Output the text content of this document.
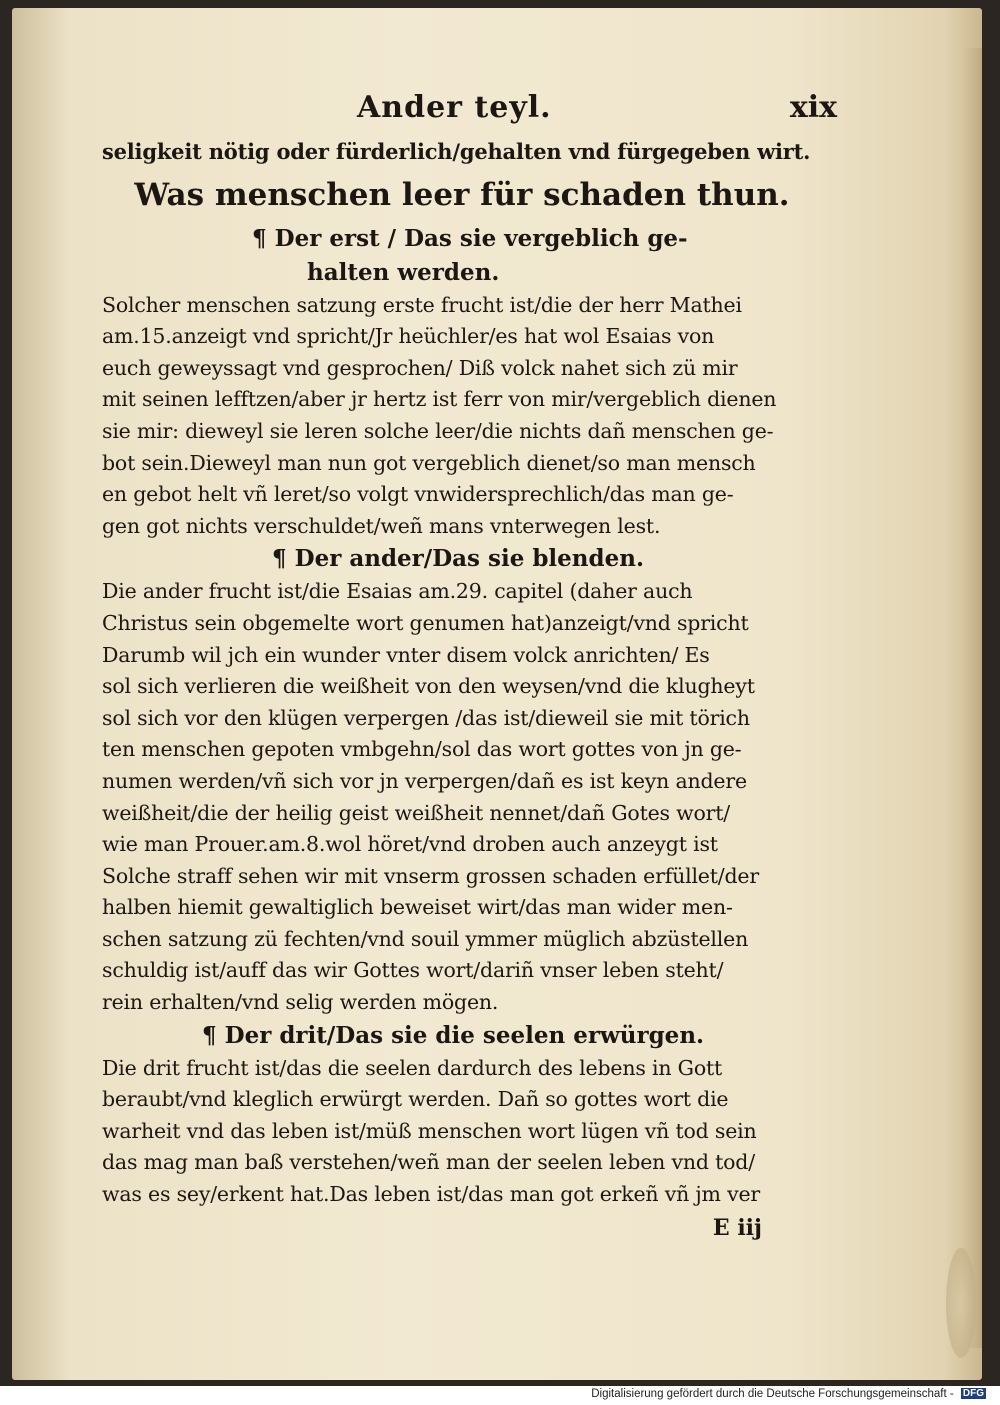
Ander teyl.	xix
seligkeit nötig oder fürderlich/gehalten vnd fürgegeben wirt.
Was menschen leer für schaden thun.
¶ Der erst / Das sie vergeblich ge-
halten werden.
Solcher menschen satzung erste frucht ist/die der herr Mathei
am.15.anzeigt vnd spricht/Jr heüchler/es hat wol Esaias von
euch geweyssagt vnd gesprochen/ Diß volck nahet sich zü mir
mit seinen lefftzen/aber jr hertz ist ferr von mir/vergeblich dienen
sie mir: dieweyl sie leren solche leer/die nichts dañ menschen ge-
bot sein.Dieweyl man nun got vergeblich dienet/so man mensch
en gebot helt vñ leret/so volgt vnwidersprechlich/das man ge-
gen got nichts verschuldet/weñ mans vnterwegen lest.
¶ Der ander/Das sie blenden.
Die ander frucht ist/die Esaias am.29. capitel (daher auch
Christus sein obgemelte wort genumen hat)anzeigt/vnd spricht
Darumb wil jch ein wunder vnter disem volck anrichten/ Es
sol sich verlieren die weißheit von den weysen/vnd die klugheyt
sol sich vor den klügen verpergen /das ist/dieweil sie mit törich
ten menschen gepoten vmbgehn/sol das wort gottes von jn ge-
numen werden/vñ sich vor jn verpergen/dañ es ist keyn andere
weißheit/die der heilig geist weißheit nennet/dañ Gotes wort/
wie man Prouer.am.8.wol höret/vnd droben auch anzeygt ist
Solche straff sehen wir mit vnserm grossen schaden erfüllet/der
halben hiemit gewaltiglich beweiset wirt/das man wider men-
schen satzung zü fechten/vnd souil ymmer müglich abzüstellen
schuldig ist/auff das wir Gottes wort/dariñ vnser leben steht/
rein erhalten/vnd selig werden mögen.
¶ Der drit/Das sie die seelen erwürgen.
Die drit frucht ist/das die seelen dardurch des lebens in Gott
beraubt/vnd kleglich erwürgt werden. Dañ so gottes wort die
warheit vnd das leben ist/müß menschen wort lügen vñ tod sein
das mag man baß verstehen/weñ man der seelen leben vnd tod/
was es sey/erkent hat.Das leben ist/das man got erkeñ vñ jm ver
E iij
Digitalisierung gefördert durch die Deutsche Forschungsgemeinschaft - DFG
